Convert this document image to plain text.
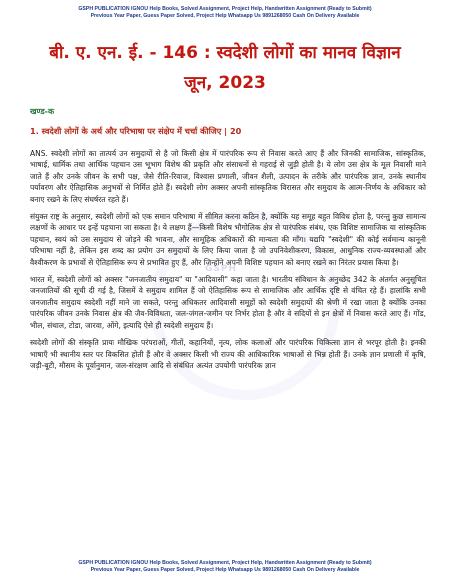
GSPH PUBLICATION IGNOU Help Books, Solved Assignment, Project Help, Handwritten Assignment (Ready to Submit)
Previous Year Paper, Guess Paper Solved, Project Help Whatsapp Us 9891268050 Cash On Delivery Available
बी. ए. एन. ई. - 146 : स्वदेशी लोगों का मानव विज्ञान
जून, 2023
खण्ड-क
1. स्वदेशी लोगों के अर्थ और परिभाषा पर संक्षेप में चर्चा कीजिए | 20
GSPH

ANS. स्वदेशी लोगों का तात्पर्य उन समुदायों से है जो किसी क्षेत्र में पारंपरिक रूप से निवास करते आए हैं और जिनकी सामाजिक, सांस्कृतिक, भाषाई, धार्मिक तथा आर्थिक पहचान उस भूभाग विशेष की प्रकृति और संसाधनों से गहराई से जुड़ी होती है। ये लोग उस क्षेत्र के मूल निवासी माने जाते हैं और उनके जीवन के सभी पक्ष, जैसे रीति-रिवाज, विश्वास प्रणाली, जीवन शैली, उत्पादन के तरीके और पारंपरिक ज्ञान, उनके स्थानीय पर्यावरण और ऐतिहासिक अनुभवों से निर्मित होते हैं। स्वदेशी लोग अक्सर अपनी सांस्कृतिक विरासत और समुदाय के आत्म-निर्णय के अधिकार को बनाए रखने के लिए संघर्षरत रहते हैं।

संयुक्त राष्ट्र के अनुसार, स्वदेशी लोगों को एक समान परिभाषा में सीमित करना कठिन है, क्योंकि यह समूह बहुत विविध होता है, परन्तु कुछ सामान्य लक्षणों के आधार पर इन्हें पहचाना जा सकता है। ये लक्षण हैं—किसी विशेष भौगोलिक क्षेत्र से पारंपरिक संबंध, एक विशिष्ट सामाजिक या सांस्कृतिक पहचान, स्वयं को उस समुदाय से जोड़ने की भावना, और सामूहिक अधिकारों की मान्यता की माँग। यद्यपि "स्वदेशी" की कोई सर्वमान्य कानूनी परिभाषा नहीं है, लेकिन इस शब्द का प्रयोग उन समुदायों के लिए किया जाता है जो उपनिवेशीकरण, विकास, आधुनिक राज्य-व्यवस्थाओं और वैश्वीकरण के प्रभावों से ऐतिहासिक रूप से प्रभावित हुए हैं, और जिन्होंने अपनी विशिष्ट पहचान को बनाए रखने का निरंतर प्रयास किया है।

भारत में, स्वदेशी लोगों को अक्सर "जनजातीय समुदाय" या "आदिवासी" कहा जाता है। भारतीय संविधान के अनुच्छेद 342 के अंतर्गत अनुसूचित जनजातियों की सूची दी गई है, जिसमें वे समुदाय शामिल हैं जो ऐतिहासिक रूप से सामाजिक और आर्थिक दृष्टि से वंचित रहे हैं। हालांकि सभी जनजातीय समुदाय स्वदेशी नहीं माने जा सकते, परन्तु अधिकतर आदिवासी समूहों को स्वदेशी समुदायों की श्रेणी में रखा जाता है क्योंकि उनका पारंपरिक जीवन उनके निवास क्षेत्र की जैव-विविधता, जल-जंगल-जमीन पर निर्भर होता है और वे सदियों से इन क्षेत्रों में निवास करते आए हैं। गोंड, भील, संथाल, टोडा, जारवा, ओंगे, इत्यादि ऐसे ही स्वदेशी समुदाय हैं।

स्वदेशी लोगों की संस्कृति प्रायः मौखिक परंपराओं, गीतों, कहानियों, नृत्य, लोक कलाओं और पारंपरिक चिकित्सा ज्ञान से भरपूर होती है। इनकी भाषाएँ भी स्थानीय स्तर पर विकसित होती हैं और वे अक्सर किसी भी राज्य की आधिकारिक भाषाओं से भिन्न होती हैं। उनके ज्ञान प्रणाली में कृषि, जड़ी-बूटी, मौसम के पूर्वानुमान, जल-संरक्षण आदि से संबंधित अत्यंत उपयोगी पारंपरिक ज्ञान

GSPH PUBLICATION IGNOU Help Books, Solved Assignment, Project Help, Handwritten Assignment (Ready to Submit)
Previous Year Paper, Guess Paper Solved, Project Help Whatsapp Us 9891268050 Cash On Delivery Available
